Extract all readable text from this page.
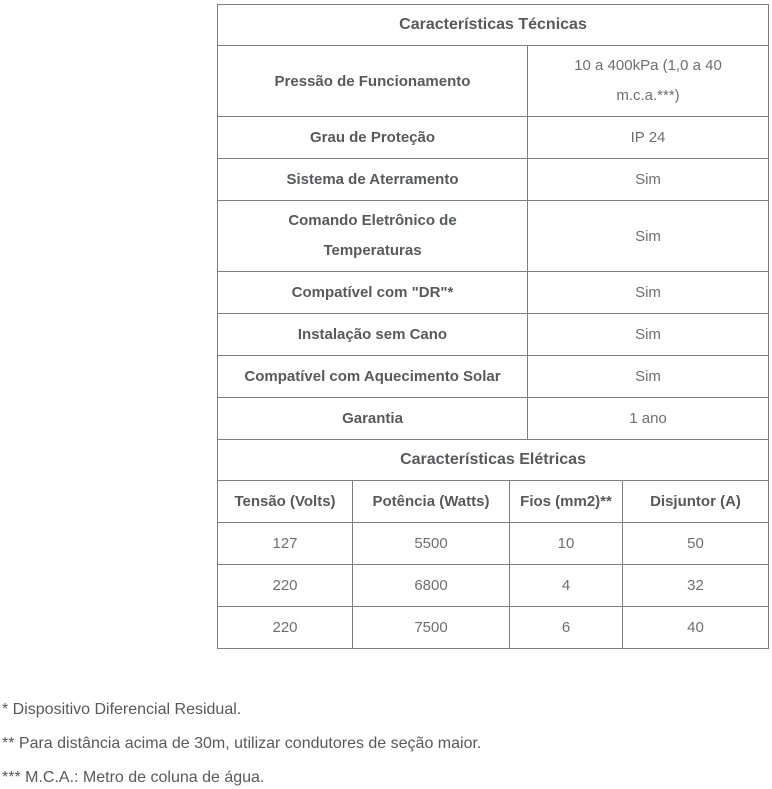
Características Técnicas	
Pressão de Funcionamento	10 a 400kPa (1,0 a 40 m.c.a.***)
Grau de Proteção	IP 24
Sistema de Aterramento	Sim
Comando Eletrônico de Temperaturas	Sim
Compatível com "DR"*	Sim
Instalação sem Cano	Sim
Compatível com Aquecimento Solar	Sim
Garantia	1 ano
Características Elétricas			
Tensão (Volts)	Potência (Watts)	Fios (mm2)**	Disjuntor (A)
127	5500	10	50
220	6800	4	32
220	7500	6	40
* Dispositivo Diferencial Residual.
** Para distância acima de 30m, utilizar condutores de seção maior.
*** M.C.A.: Metro de coluna de água.
